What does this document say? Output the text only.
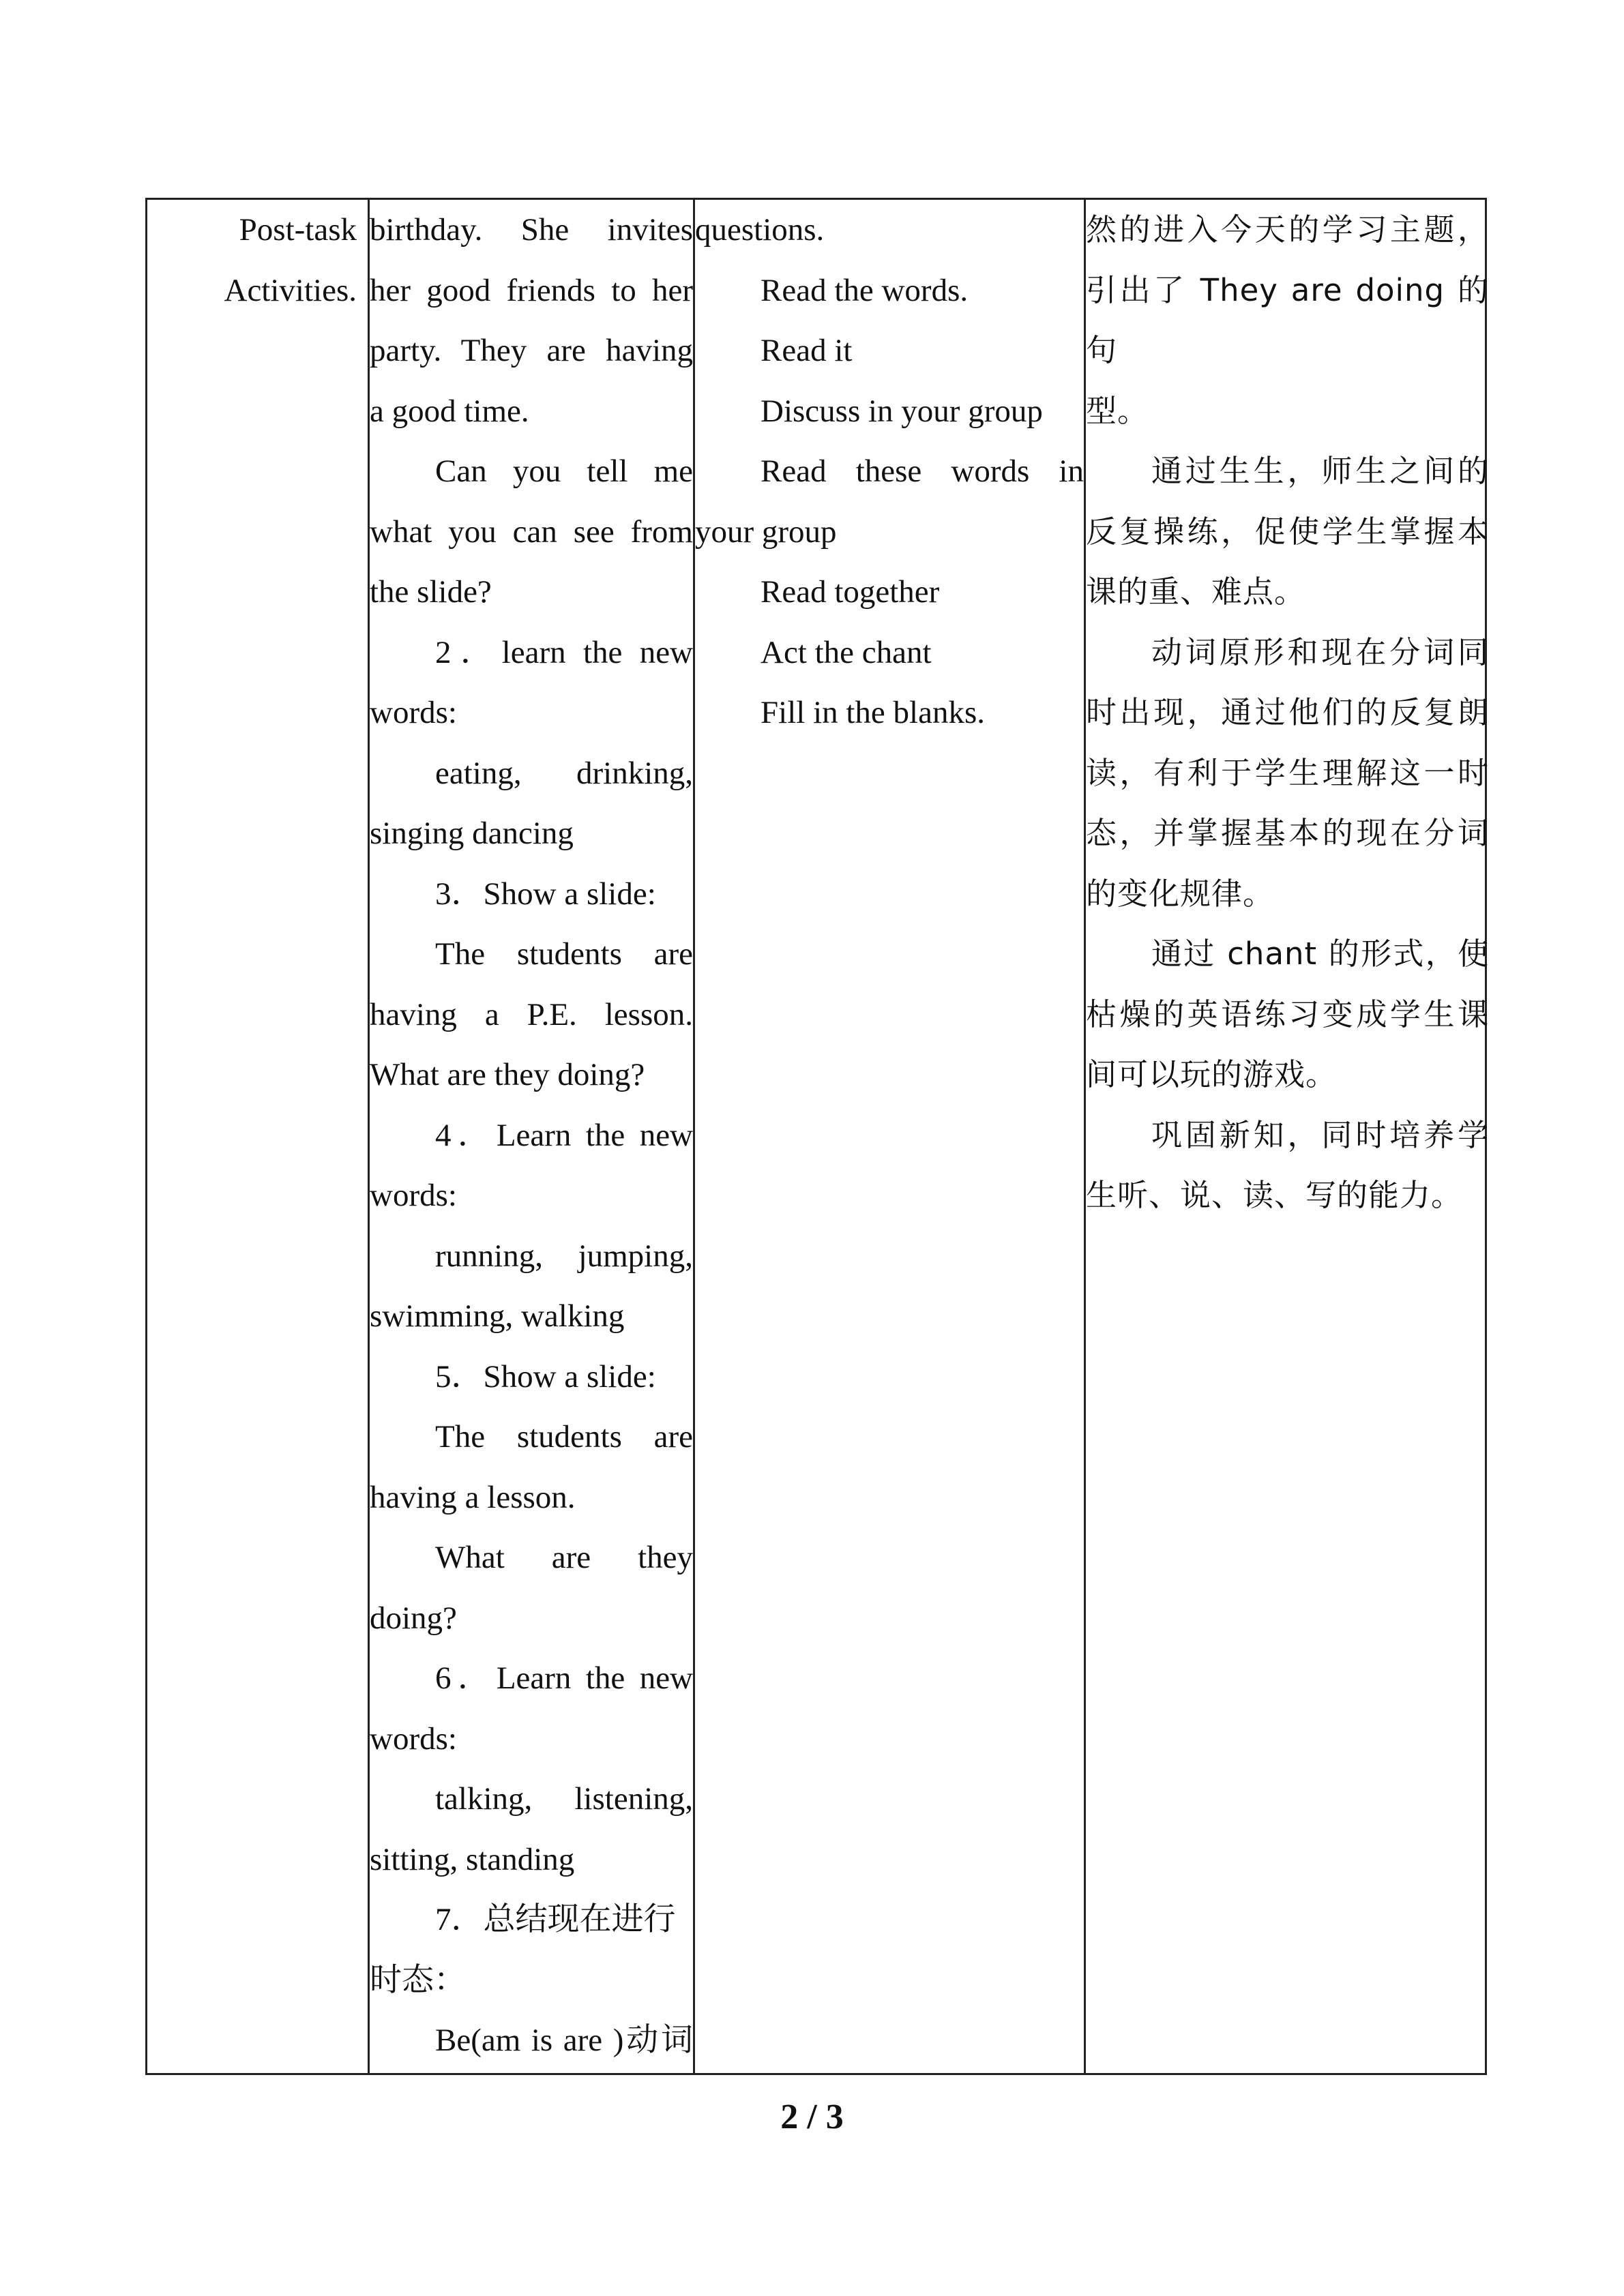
Post-task

Activities.

birthday. She invites

her good friends to her

party. They are having

a good time.

Can you tell me

what you can see from

the slide?

2．learn the new

words:

eating, drinking,

singing dancing

3．Show a slide:

The students are

having a P.E. lesson.

What are they doing?

4．Learn the new

words:

running, jumping,

swimming, walking

5．Show a slide:

The students are

having a lesson.

What are they

doing?

6．Learn the new

words:

talking, listening,

sitting, standing

7．总结现在进行

时态：

Be(am is are )动词

questions.

Read the words.

Read it

Discuss in your group

Read these words in

your group

Read together

Act the chant

Fill in the blanks.

然的进入今天的学习主题，

引出了 They are doing 的句

型。

通过生生，师生之间的

反复操练，促使学生掌握本

课的重、难点。

动词原形和现在分词同

时出现，通过他们的反复朗

读，有利于学生理解这一时

态，并掌握基本的现在分词

的变化规律。

通过 chant 的形式，使

枯燥的英语练习变成学生课

间可以玩的游戏。

巩固新知，同时培养学

生听、说、读、写的能力。

2 / 3
